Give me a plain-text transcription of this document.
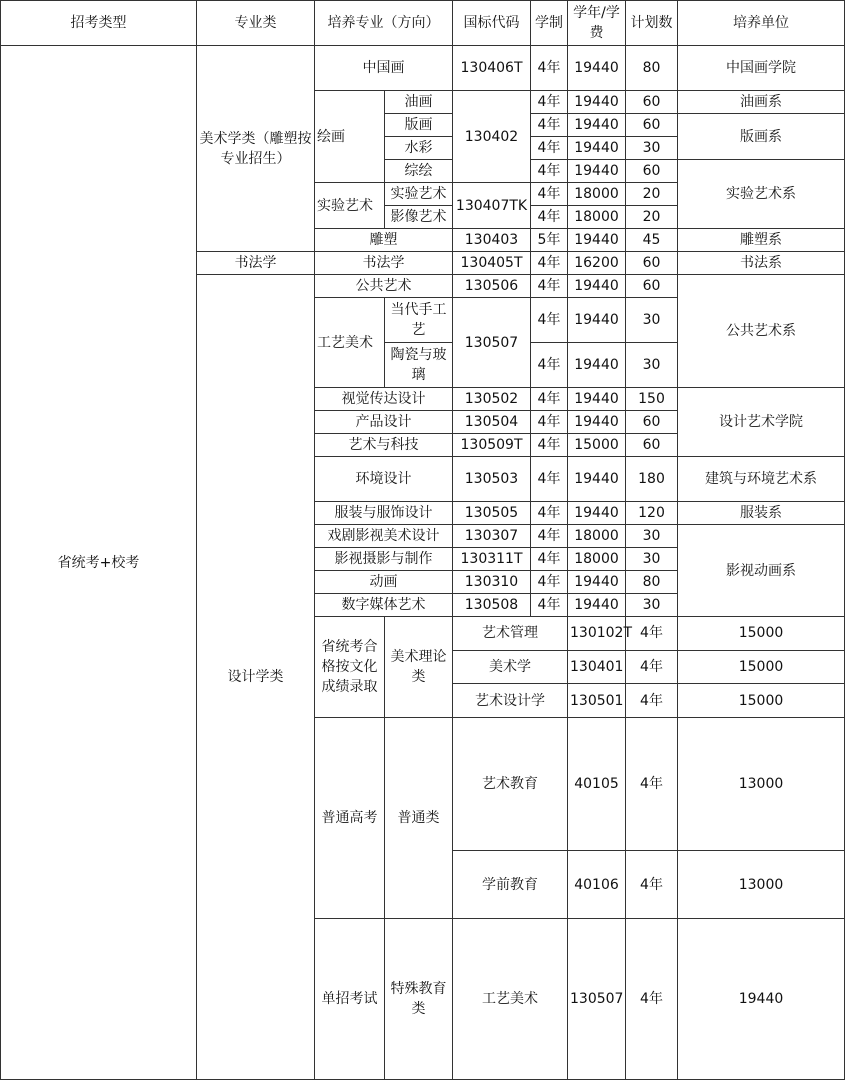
招考类型	专业类	培养专业（方向）		国标代码	学制	学年/学费	计划数	培养单位	
省统考+校考	美术学类（雕塑按专业招生）	中国画		130406T	4年	19440	80	中国画学院	
		绘画	油画	130402	4年	19440	60	油画系	
			版画		4年	19440	60	版画系	
			水彩		4年	19440	30		
			综绘		4年	19440	60	实验艺术系	
		实验艺术	实验艺术	130407TK	4年	18000	20		
			影像艺术		4年	18000	20		
		雕塑		130403	5年	19440	45	雕塑系	
	书法学	书法学		130405T	4年	16200	60	书法系	
	设计学类	公共艺术		130506	4年	19440	60	公共艺术系	
		工艺美术	当代手工艺	130507	4年	19440	30		
			陶瓷与玻璃		4年	19440	30		
		视觉传达设计		130502	4年	19440	150	设计艺术学院	
		产品设计		130504	4年	19440	60		
		艺术与科技		130509T	4年	15000	60		
		环境设计		130503	4年	19440	180	建筑与环境艺术系	
		服装与服饰设计		130505	4年	19440	120	服装系	
		戏剧影视美术设计		130307	4年	18000	30	影视动画系	
		影视摄影与制作		130311T	4年	18000	30		
		动画		130310	4年	19440	80		
		数字媒体艺术		130508	4年	19440	30		
		省统考合格按文化成绩录取	美术理论类	艺术管理		130102T	4年	15000		
				美术学		130401	4年	15000	
				艺术设计学		130501	4年	15000	
		普通高考	普通类	艺术教育		40105	4年	13000		
				学前教育		40106	4年	13000	
		单招考试	特殊教育类	工艺美术		130507	4年	19440		
